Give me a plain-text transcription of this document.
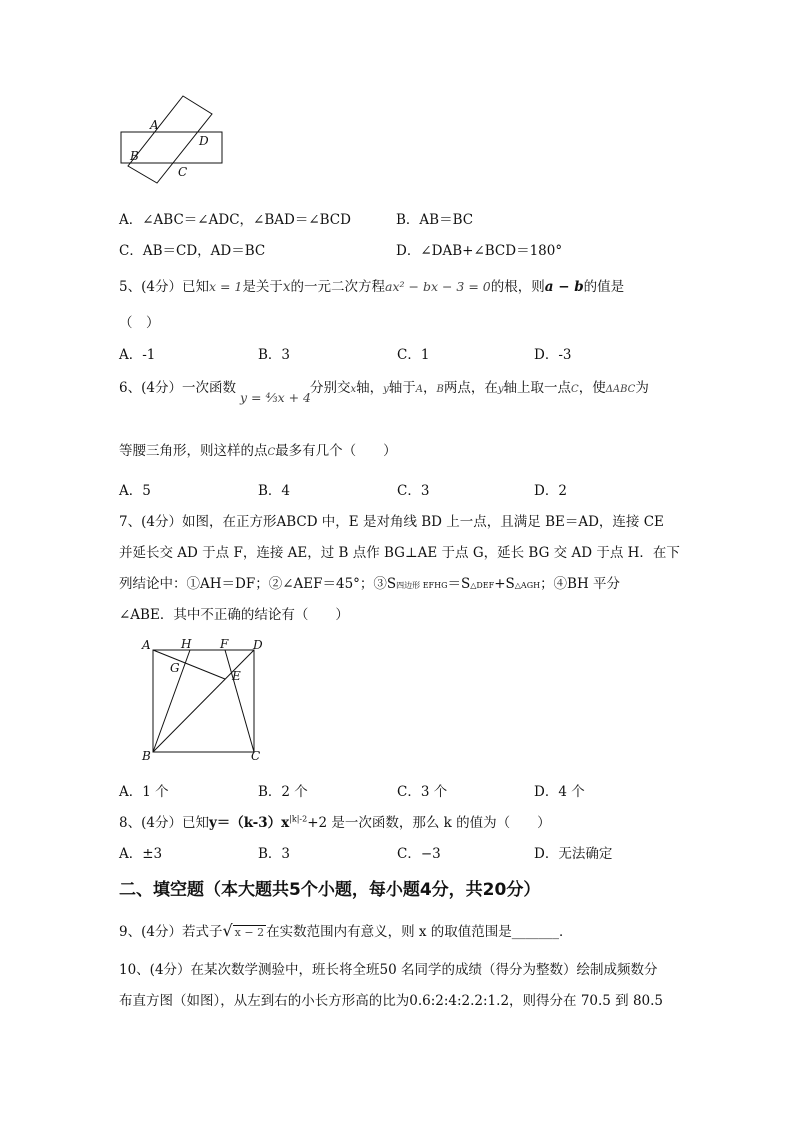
A
D
B
C
A．∠ABC＝∠ADC，∠BAD＝∠BCD	B．AB＝BC
C．AB＝CD，AD＝BC	D．∠DAB+∠BCD＝180°
5、(4分）已知x = 1是关于x的一元二次方程ax² − bx − 3 = 0的根，则a − b的值是
（　）
A．-1	B．3	C．1	D．-3
6、(4分）一次函数
y = ⁴⁄₃x + 4
分别交x轴，y轴于A，B两点，在y轴上取一点C，使ΔABC为
等腰三角形，则这样的点C最多有几个（　　）
A．5	B．4	C．3	D．2
7、(4分）如图，在正方形ABCD 中，E 是对角线 BD 上一点，且满足 BE＝AD，连接 CE
并延长交 AD 于点 F，连接 AE，过 B 点作 BG⊥AE 于点 G，延长 BG 交 AD 于点 H．在下
列结论中：①AH＝DF；②∠AEF＝45°；③S四边形 EFHG＝S△DEF+S△AGH；④BH 平分
∠ABE．其中不正确的结论有（　　）
A	H F D
G
E
B	C
A．1 个	B．2 个	C．3 个	D．4 个
8、(4分）已知$y=(k-3)x^{|k|-2}+2$ 是一次函数，那么 k 的值为（　　）
A．±3	B．3	C．−3	D．无法确定
二、填空题（本大题共5个小题，每小题4分，共20分）
9、(4分）若式子√ x − 2 在实数范围内有意义，则 x 的取值范围是_______．
10、(4分）在某次数学测验中，班长将全班50 名同学的成绩（得分为整数）绘制成频数分
布直方图（如图），从左到右的小长方形高的比为0.6:2:4:2.2:1.2，则得分在 70.5 到 80.5
